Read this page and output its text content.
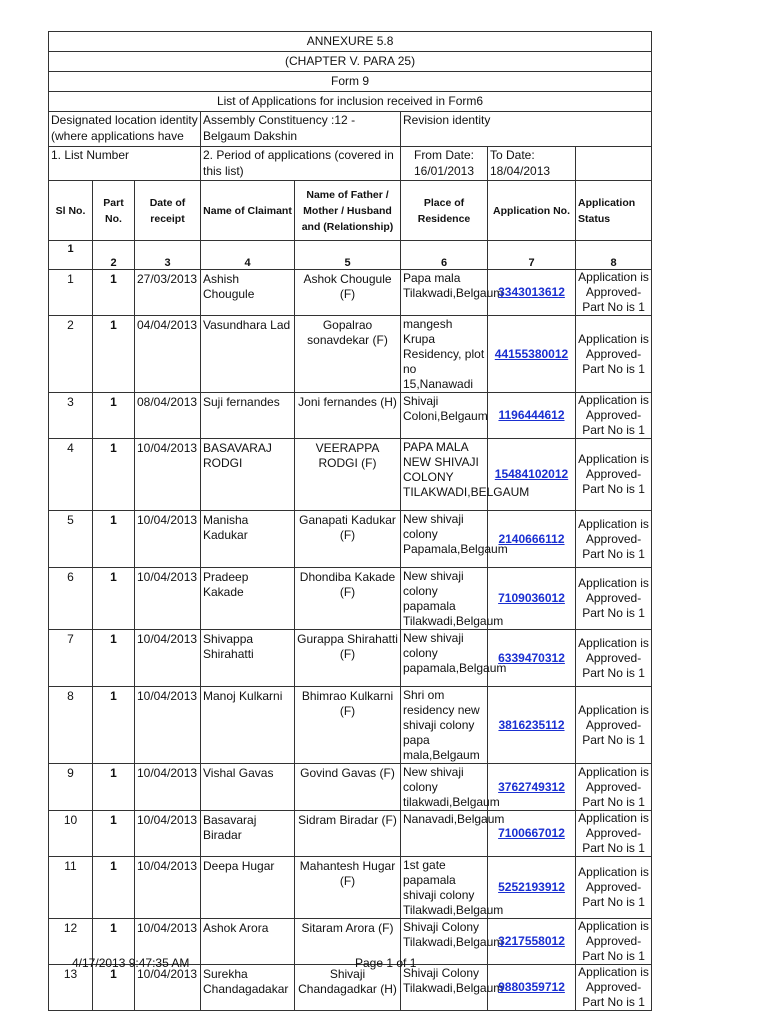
ANNEXURE 5.8							
(CHAPTER V. PARA 25)							
Form 9							
List of Applications for inclusion received in Form6							
Designated location identity (where applications have			Assembly Constituency :12 - Belgaum Dakshin		Revision identity		
1. List Number			2. Period of applications (covered in this list)		From Date: 16/01/2013	To Date: 18/04/2013	
Sl No.	Part No.	Date of receipt	Name of Claimant	Name of Father / Mother / Husband and (Relationship)	Place of Residence	Application No.	Application Status
1	2	3	4	5	6	7	8
1	1	27/03/2013	Ashish Chougule	Ashok Chougule (F)	Papa mala Tilakwadi,Belgaum	3343013612	Application is Approved- Part No is 1
2	1	04/04/2013	Vasundhara Lad	Gopalrao sonavdekar (F)	mangesh Krupa Residency, plot no 15,Nanawadi	44155380012	Application is Approved- Part No is 1
3	1	08/04/2013	Suji fernandes	Joni fernandes (H)	Shivaji Coloni,Belgaum	1196444612	Application is Approved- Part No is 1
4	1	10/04/2013	BASAVARAJ RODGI	VEERAPPA RODGI (F)	PAPA MALA NEW SHIVAJI COLONY TILAKWADI,BELGAUM	15484102012	Application is Approved- Part No is 1
5	1	10/04/2013	Manisha Kadukar	Ganapati Kadukar (F)	New shivaji colony Papamala,Belgaum	2140666112	Application is Approved- Part No is 1
6	1	10/04/2013	Pradeep Kakade	Dhondiba Kakade (F)	New shivaji colony papamala Tilakwadi,Belgaum	7109036012	Application is Approved- Part No is 1
7	1	10/04/2013	Shivappa Shirahatti	Gurappa Shirahatti (F)	New shivaji colony papamala,Belgaum	6339470312	Application is Approved- Part No is 1
8	1	10/04/2013	Manoj Kulkarni	Bhimrao Kulkarni (F)	Shri om residency new shivaji colony papa mala,Belgaum	3816235112	Application is Approved- Part No is 1
9	1	10/04/2013	Vishal Gavas	Govind Gavas (F)	New shivaji colony tilakwadi,Belgaum	3762749312	Application is Approved- Part No is 1
10	1	10/04/2013	Basavaraj Biradar	Sidram Biradar (F)	Nanavadi,Belgaum	7100667012	Application is Approved- Part No is 1
11	1	10/04/2013	Deepa Hugar	Mahantesh Hugar (F)	1st gate papamala shivaji colony Tilakwadi,Belgaum	5252193912	Application is Approved- Part No is 1
12	1	10/04/2013	Ashok Arora	Sitaram Arora (F)	Shivaji Colony Tilakwadi,Belgaum	3217558012	Application is Approved- Part No is 1
13	1	10/04/2013	Surekha Chandagadakar	Shivaji Chandagadkar (H)	Shivaji Colony Tilakwadi,Belgaum	9880359712	Application is Approved- Part No is 1
4/17/2013 9:47:35 AM	Page 1 of 1
